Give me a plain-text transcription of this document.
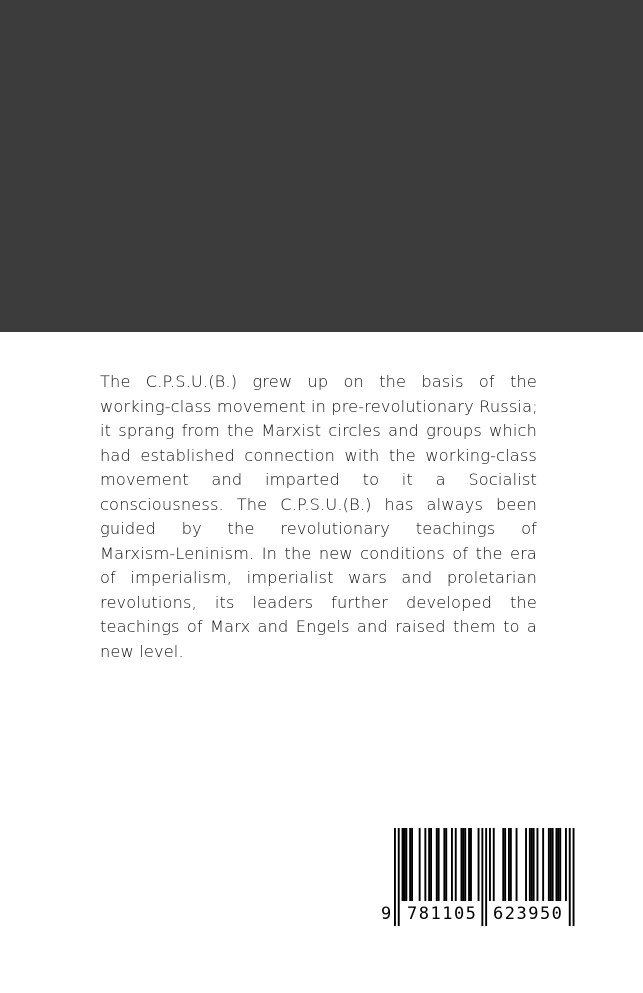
The C.P.S.U.(B.) grew up on the basis of the
working-class movement in pre-revolutionary Russia;
it sprang from the Marxist circles and groups which
had established connection with the working-class
movement and imparted to it a Socialist
consciousness. The C.P.S.U.(B.) has always been
guided by the revolutionary teachings of
Marxism-Leninism. In the new conditions of the era
of imperialism, imperialist wars and proletarian
revolutions, its leaders further developed the
teachings of Marx and Engels and raised them to a
new level.
9 781105 623950
